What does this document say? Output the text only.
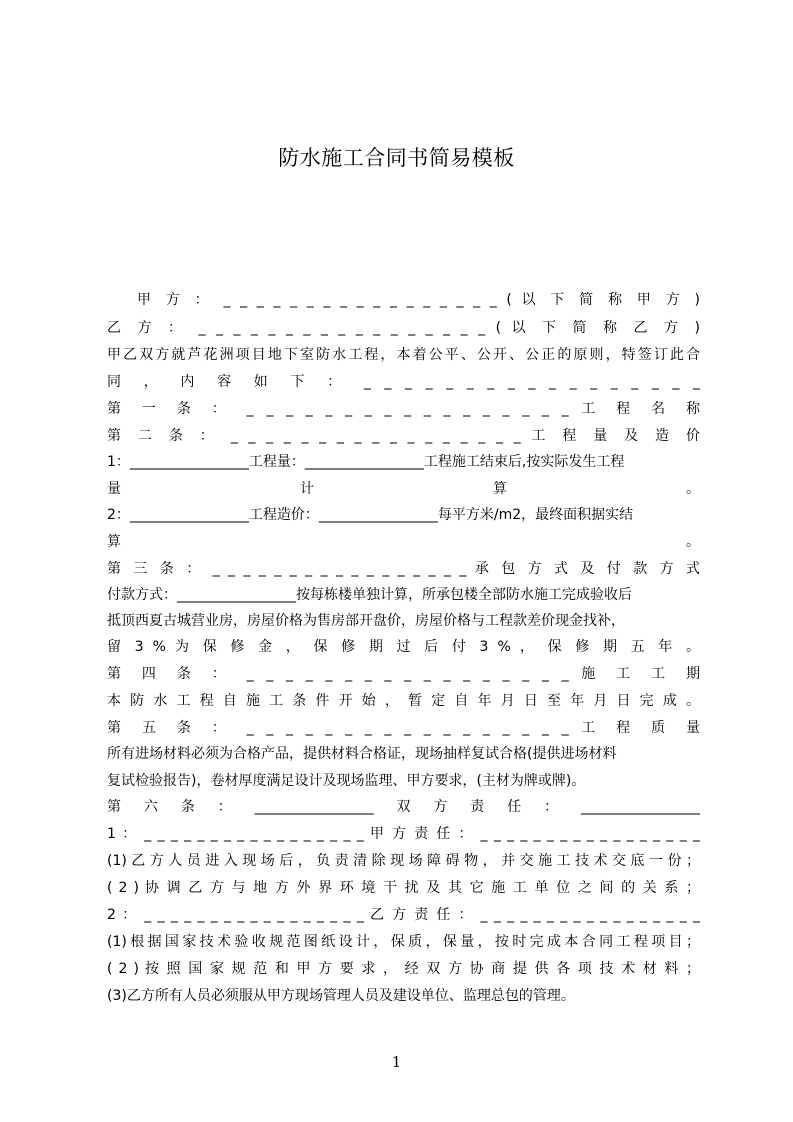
防水施工合同书简易模板
甲 方 ： _ _ _ _ _ _ _ _ _ _ _ _ _ _ _ _ _ ( 以 下 简 称 甲 方 )
乙 方 ： _ _ _ _ _ _ _ _ _ _ _ _ _ _ _ _ _ ( 以 下 简 称 乙 方 )
甲乙双方就芦花洲项目地下室防水工程，本着公平、公开、公正的原则，特签订此合
同 ， 内 容 如 下 ： _ _ _ _ _ _ _ _ _ _ _ _ _ _ _ _ _
第 一 条 ： _ _ _ _ _ _ _ _ _ _ _ _ _ _ _ _ _ 工 程 名 称
第 二 条 ： _ _ _ _ _ _ _ _ _ _ _ _ _ _ _ _ _ 工 程 量 及 造 价
1：_________________工程量：_________________工程施工结束后,按实际发生工程
量 计 算 。
2：_________________工程造价：_________________每平方米/m2，最终面积据实结
算 。
第 三 条 ： _ _ _ _ _ _ _ _ _ _ _ _ _ _ _ _ _ 承 包 方 式 及 付 款 方 式
付款方式：_________________按每栋楼单独计算，所承包楼全部防水施工完成验收后
抵顶西夏古城营业房，房屋价格为售房部开盘价，房屋价格与工程款差价现金找补，
留 3 % 为 保 修 金 ， 保 修 期 过 后 付 3 % ， 保 修 期 五 年 。
第 四 条 ： _ _ _ _ _ _ _ _ _ _ _ _ _ _ _ _ _ 施 工 工 期
本 防 水 工 程 自 施 工 条 件 开 始 ， 暂 定 自 年 月 日 至 年 月 日 完 成 。
第 五 条 ： _ _ _ _ _ _ _ _ _ _ _ _ _ _ _ _ _ 工 程 质 量
所有进场材料必须为合格产品，提供材料合格证，现场抽样复试合格(提供进场材料
复试检验报告)，卷材厚度满足设计及现场监理、甲方要求，(主材为牌或牌)。
第六条：_________________双方责任：_________________
1 ： _ _ _ _ _ _ _ _ _ _ _ _ _ _ _ _ _ 甲 方 责 任 ： _ _ _ _ _ _ _ _ _ _ _ _ _ _ _ _ _
(1) 乙 方 人 员 进 入 现 场 后 ， 负 责 清 除 现 场 障 碍 物 ， 并 交 施 工 技 术 交 底 一 份 ；
( 2 ) 协 调 乙 方 与 地 方 外 界 环 境 干 扰 及 其 它 施 工 单 位 之 间 的 关 系 ；
2 ： _ _ _ _ _ _ _ _ _ _ _ _ _ _ _ _ _ 乙 方 责 任 ： _ _ _ _ _ _ _ _ _ _ _ _ _ _ _ _ _
(1)根据国家技术验收规范图纸设计，保质，保量，按时完成本合同工程项目；
( 2 ) 按 照 国 家 规 范 和 甲 方 要 求 ， 经 双 方 协 商 提 供 各 项 技 术 材 料 ；
(3)乙方所有人员必须服从甲方现场管理人员及建设单位、监理总包的管理。
1
